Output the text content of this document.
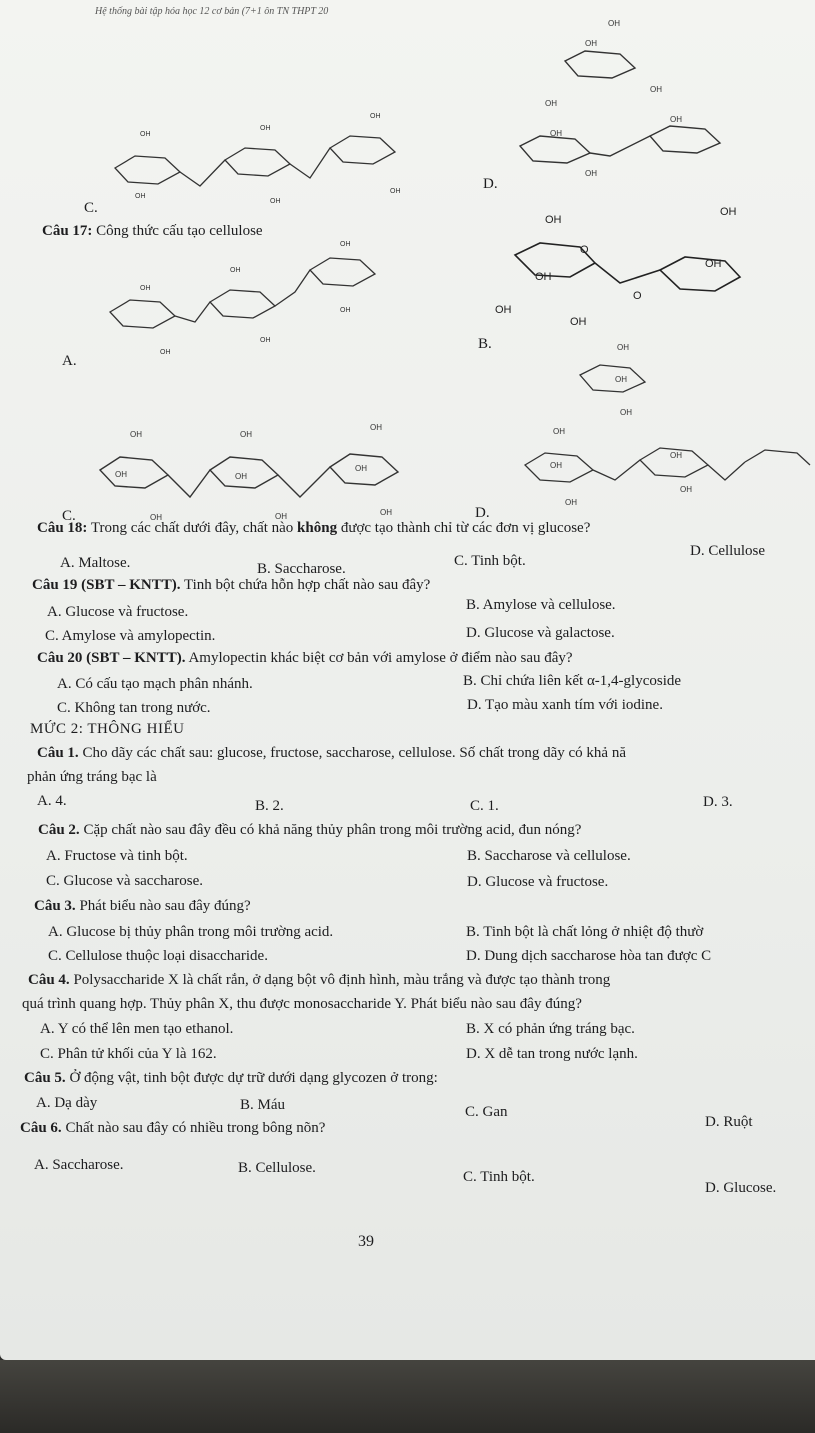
Hệ thống bài tập hóa học 12 cơ bản (7+1 ôn TN THPT 20
OH
OH
OH
OH
OH
OH
OH
OH
OH
OH
OH
OH
OH
OH
OH
OH
OH
OH
OH
OH
OH
OH
OH
OH
OH
O
O
OH	OH
OH
OH	OH
OH
OH	OH	OH
OH
OH
OH
OH
OH
OH
OH
OH
C.
D.
Câu 17: Công thức cấu tạo cellulose
A.
B.
C.	D.
Câu 18: Trong các chất dưới đây, chất nào không được tạo thành chỉ từ các đơn vị glucose?
A. Maltose.	B. Saccharose.	C. Tinh bột.
D. Cellulose
Câu 19 (SBT – KNTT). Tinh bột chứa hỗn hợp chất nào sau đây?
A. Glucose và fructose.	B. Amylose và cellulose.
C. Amylose và amylopectin.	D. Glucose và galactose.
Câu 20 (SBT – KNTT). Amylopectin khác biệt cơ bản với amylose ở điểm nào sau đây?
A. Có cấu tạo mạch phân nhánh.	B. Chỉ chứa liên kết α-1,4-glycoside
C. Không tan trong nước.	D. Tạo màu xanh tím với iodine.
MỨC 2: THÔNG HIỂU
Câu 1. Cho dãy các chất sau: glucose, fructose, saccharose, cellulose. Số chất trong dãy có khả nă
phản ứng tráng bạc là
A. 4.	B. 2.	C. 1.	D. 3.
Câu 2. Cặp chất nào sau đây đều có khả năng thủy phân trong môi trường acid, đun nóng?
A. Fructose và tinh bột.	B. Saccharose và cellulose.
C. Glucose và saccharose.	D. Glucose và fructose.
Câu 3. Phát biểu nào sau đây đúng?
A. Glucose bị thủy phân trong môi trường acid.	B. Tinh bột là chất lỏng ở nhiệt độ thườ
C. Cellulose thuộc loại disaccharide.	D. Dung dịch saccharose hòa tan được C
Câu 4. Polysaccharide X là chất rắn, ở dạng bột vô định hình, màu trắng và được tạo thành trong
quá trình quang hợp. Thủy phân X, thu được monosaccharide Y. Phát biểu nào sau đây đúng?
A. Y có thể lên men tạo ethanol.	B. X có phản ứng tráng bạc.
C. Phân tử khối của Y là 162.	D. X dễ tan trong nước lạnh.
Câu 5. Ở động vật, tinh bột được dự trữ dưới dạng glycozen ở trong:
A. Dạ dày	B. Máu	C. Gan
D. Ruột
Câu 6. Chất nào sau đây có nhiều trong bông nõn?
A. Saccharose.	B. Cellulose.
C. Tinh bột.
D. Glucose.
39
